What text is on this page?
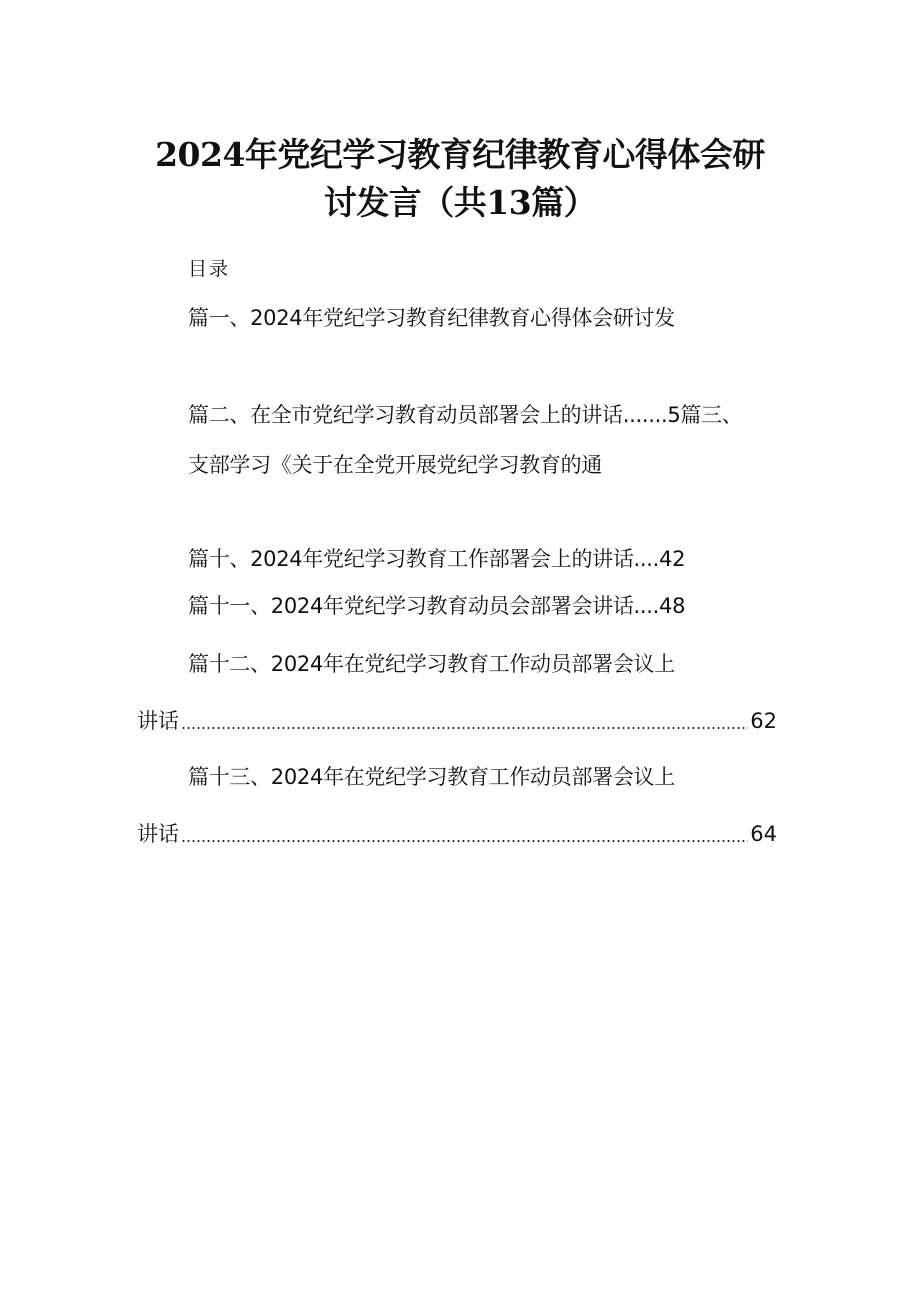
2024年党纪学习教育纪律教育心得体会研
讨发言（共13篇）
目录
篇一、2024年党纪学习教育纪律教育心得体会研讨发
篇二、在全市党纪学习教育动员部署会上的讲话.......5篇三、
支部学习《关于在全党开展党纪学习教育的通
篇十、2024年党纪学习教育工作部署会上的讲话....42
篇十一、2024年党纪学习教育动员会部署会讲话....48
篇十二、2024年在党纪学习教育工作动员部署会议上
讲话	62
篇十三、2024年在党纪学习教育工作动员部署会议上
讲话	64
